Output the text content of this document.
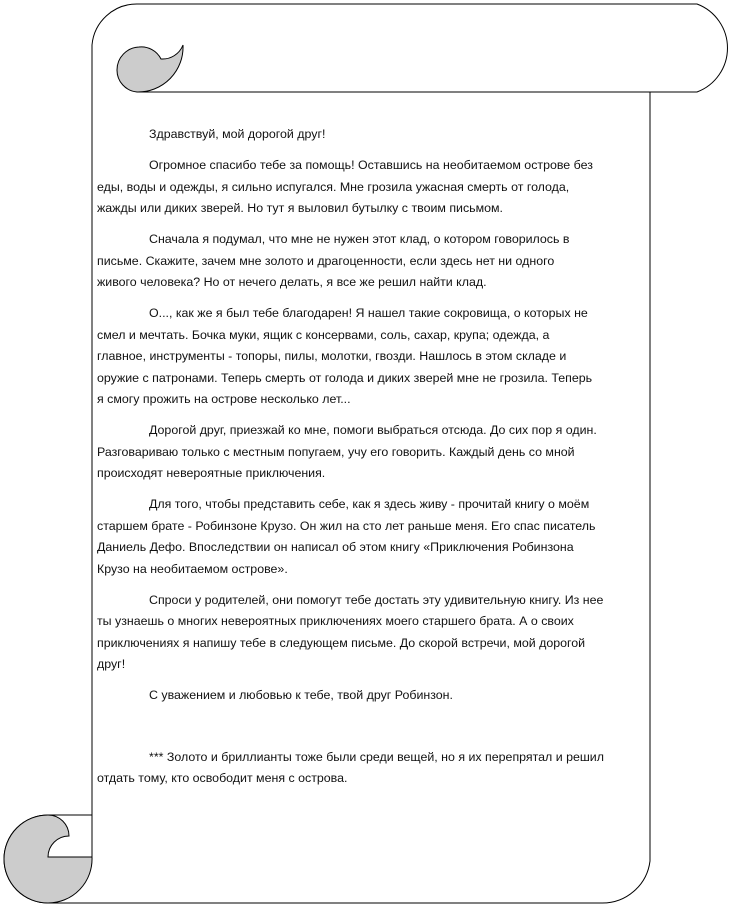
Здравствуй, мой дорогой друг!

Огромное спасибо тебе за помощь! Оставшись на необитаемом острове без
еды, воды и одежды, я сильно испугался. Мне грозила ужасная смерть от голода,
жажды или диких зверей. Но тут я выловил бутылку с твоим письмом.

Сначала я подумал, что мне не нужен этот клад, о котором говорилось в
письме. Скажите, зачем мне золото и драгоценности, если здесь нет ни одного
живого человека? Но от нечего делать, я все же решил найти клад.

О..., как же я был тебе благодарен! Я нашел такие сокровища, о которых не
смел и мечтать. Бочка муки, ящик с консервами, соль, сахар, крупа; одежда, а
главное, инструменты - топоры, пилы, молотки, гвозди. Нашлось в этом складе и
оружие с патронами. Теперь смерть от голода и диких зверей мне не грозила. Теперь
я смогу прожить на острове несколько лет...

Дорогой друг, приезжай ко мне, помоги выбраться отсюда. До сих пор я один.
Разговариваю только с местным попугаем, учу его говорить. Каждый день со мной
происходят невероятные приключения.

Для того, чтобы представить себе, как я здесь живу - прочитай книгу о моём
старшем брате - Робинзоне Крузо. Он жил на сто лет раньше меня. Его спас писатель
Даниель Дефо. Впоследствии он написал об этом книгу «Приключения Робинзона
Крузо на необитаемом острове».

Спроси у родителей, они помогут тебе достать эту удивительную книгу. Из нее
ты узнаешь о многих невероятных приключениях моего старшего брата. А о своих
приключениях я напишу тебе в следующем письме. До скорой встречи, мой дорогой
друг!

С уважением и любовью к тебе, твой друг Робинзон.

*** Золото и бриллианты тоже были среди вещей, но я их перепрятал и решил
отдать тому, кто освободит меня с острова.
